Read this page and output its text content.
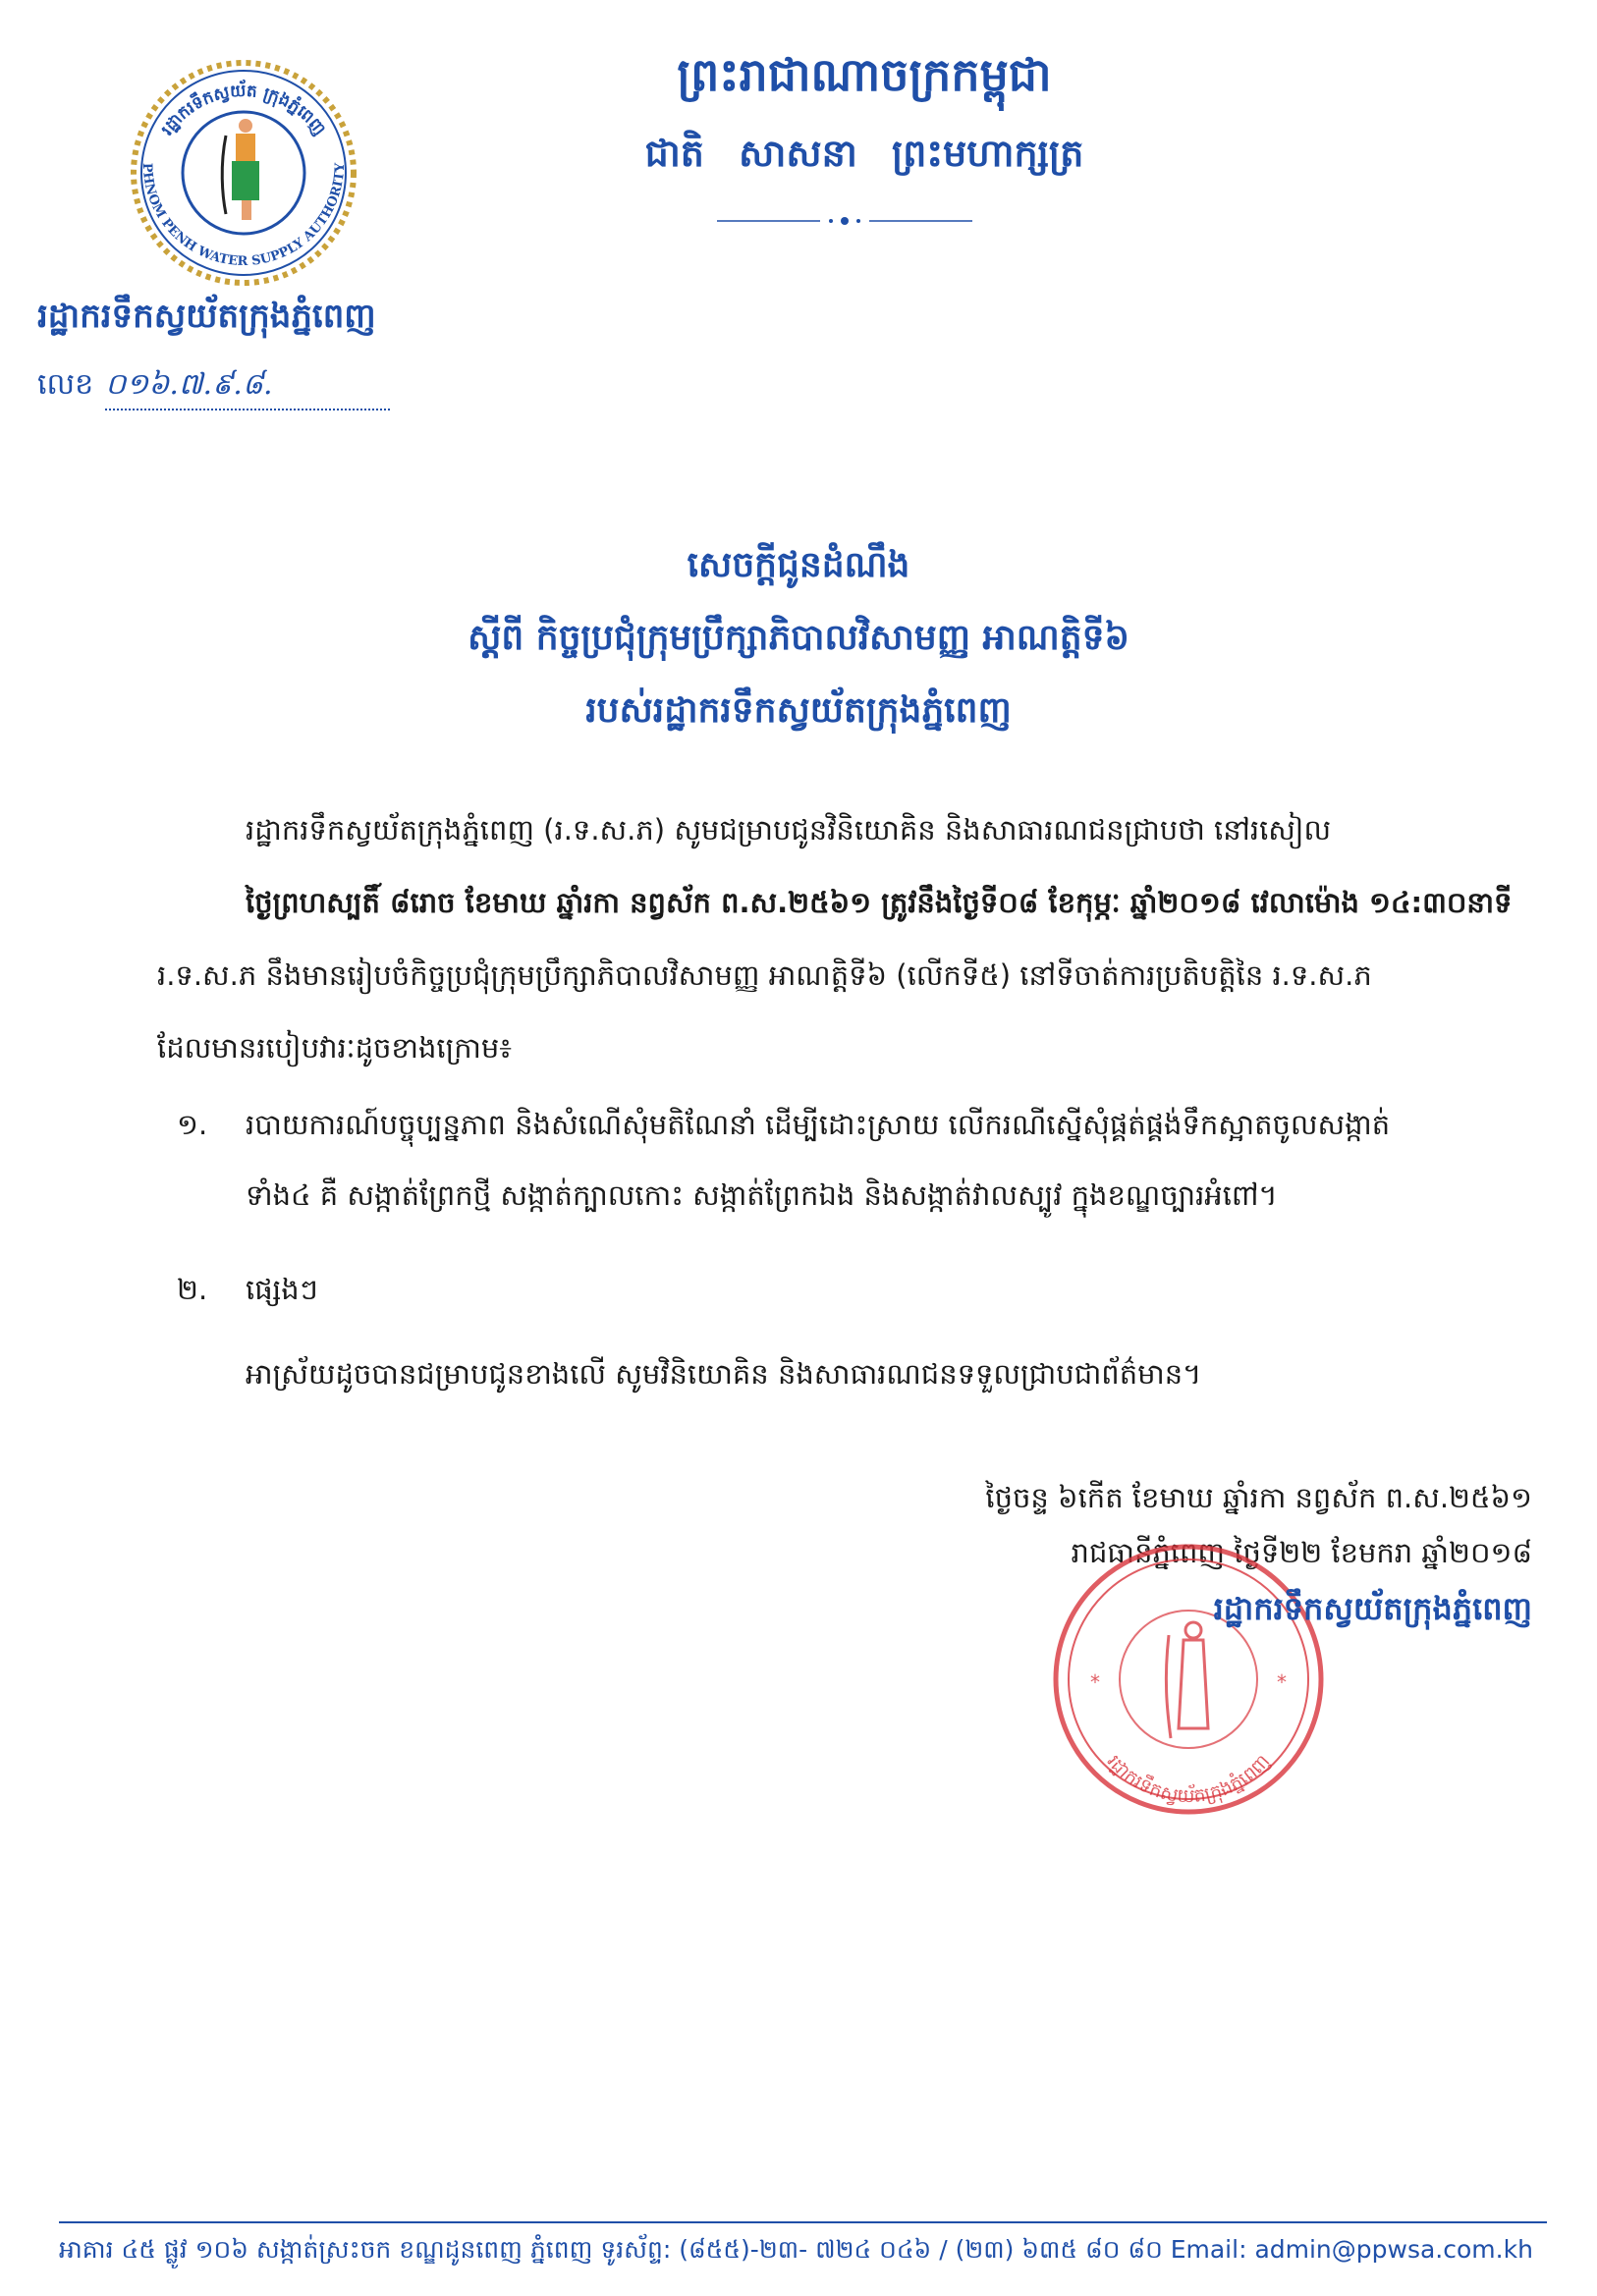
រដ្ឋាករទឹកស្វយ័ត ក្រុងភ្នំពេញ
PHNOM PENH WATER SUPPLY AUTHORITY
រដ្ឋាករទឹកស្វយ័តក្រុងភ្នំពេញ
លេខ ០១៦.៧.៩.៨.
ព្រះរាជាណាចក្រកម្ពុជា
ជាតិ សាសនា ព្រះមហាក្សត្រ
សេចក្តីជូនដំណឹង
ស្តីពី កិច្ចប្រជុំក្រុមប្រឹក្សាភិបាលវិសាមញ្ញ អាណត្តិទី៦
របស់រដ្ឋាករទឹកស្វយ័តក្រុងភ្នំពេញ
រដ្ឋាករទឹកស្វយ័តក្រុងភ្នំពេញ (រ.ទ.ស.ភ) សូមជម្រាបជូនវិនិយោគិន និងសាធារណជនជ្រាបថា នៅរសៀល
ថ្ងៃព្រហស្បតិ៍ ៨រោច ខែមាឃ ឆ្នាំរកា នព្វស័ក ព.ស.២៥៦១ ត្រូវនឹងថ្ងៃទី០៨ ខែកុម្ភៈ ឆ្នាំ២០១៨ វេលាម៉ោង ១៤:៣០នាទី
រ.ទ.ស.ភ នឹងមានរៀបចំកិច្ចប្រជុំក្រុមប្រឹក្សាភិបាលវិសាមញ្ញ អាណត្តិទី៦ (លើកទី៥) នៅទីចាត់ការប្រតិបត្តិនៃ រ.ទ.ស.ភ
ដែលមានរបៀបវារៈដូចខាងក្រោម៖
១. របាយការណ៍បច្ចុប្បន្នភាព និងសំណើសុំមតិណែនាំ ដើម្បីដោះស្រាយ លើករណីស្នើសុំផ្គត់ផ្គង់ទឹកស្អាតចូលសង្កាត់
ទាំង៤ គឺ សង្កាត់ព្រែកថ្មី សង្កាត់ក្បាលកោះ សង្កាត់ព្រែកឯង និងសង្កាត់វាលស្បូវ ក្នុងខណ្ឌច្បារអំពៅ។
២. ផ្សេងៗ
អាស្រ័យដូចបានជម្រាបជូនខាងលើ សូមវិនិយោគិន និងសាធារណជនទទួលជ្រាបជាព័ត៌មាន។
ថ្ងៃចន្ទ ៦កើត ខែមាឃ ឆ្នាំរកា នព្វស័ក ព.ស.២៥៦១
រាជធានីភ្នំពេញ ថ្ងៃទី២២ ខែមករា ឆ្នាំ២០១៨
*	*
រដ្ឋាករទឹកស្វយ័តក្រុងភ្នំពេញ
រដ្ឋាករទឹកស្វយ័តក្រុងភ្នំពេញ
អាគារ ៤៥ ផ្លូវ ១០៦ សង្កាត់ស្រះចក ខណ្ឌដូនពេញ ភ្នំពេញ ទូរស័ព្ទ: (៨៥៥)-២៣- ៧២៤ ០៤៦ / (២៣) ៦៣៥ ៨០ ៨០ Email: admin@ppwsa.com.kh
